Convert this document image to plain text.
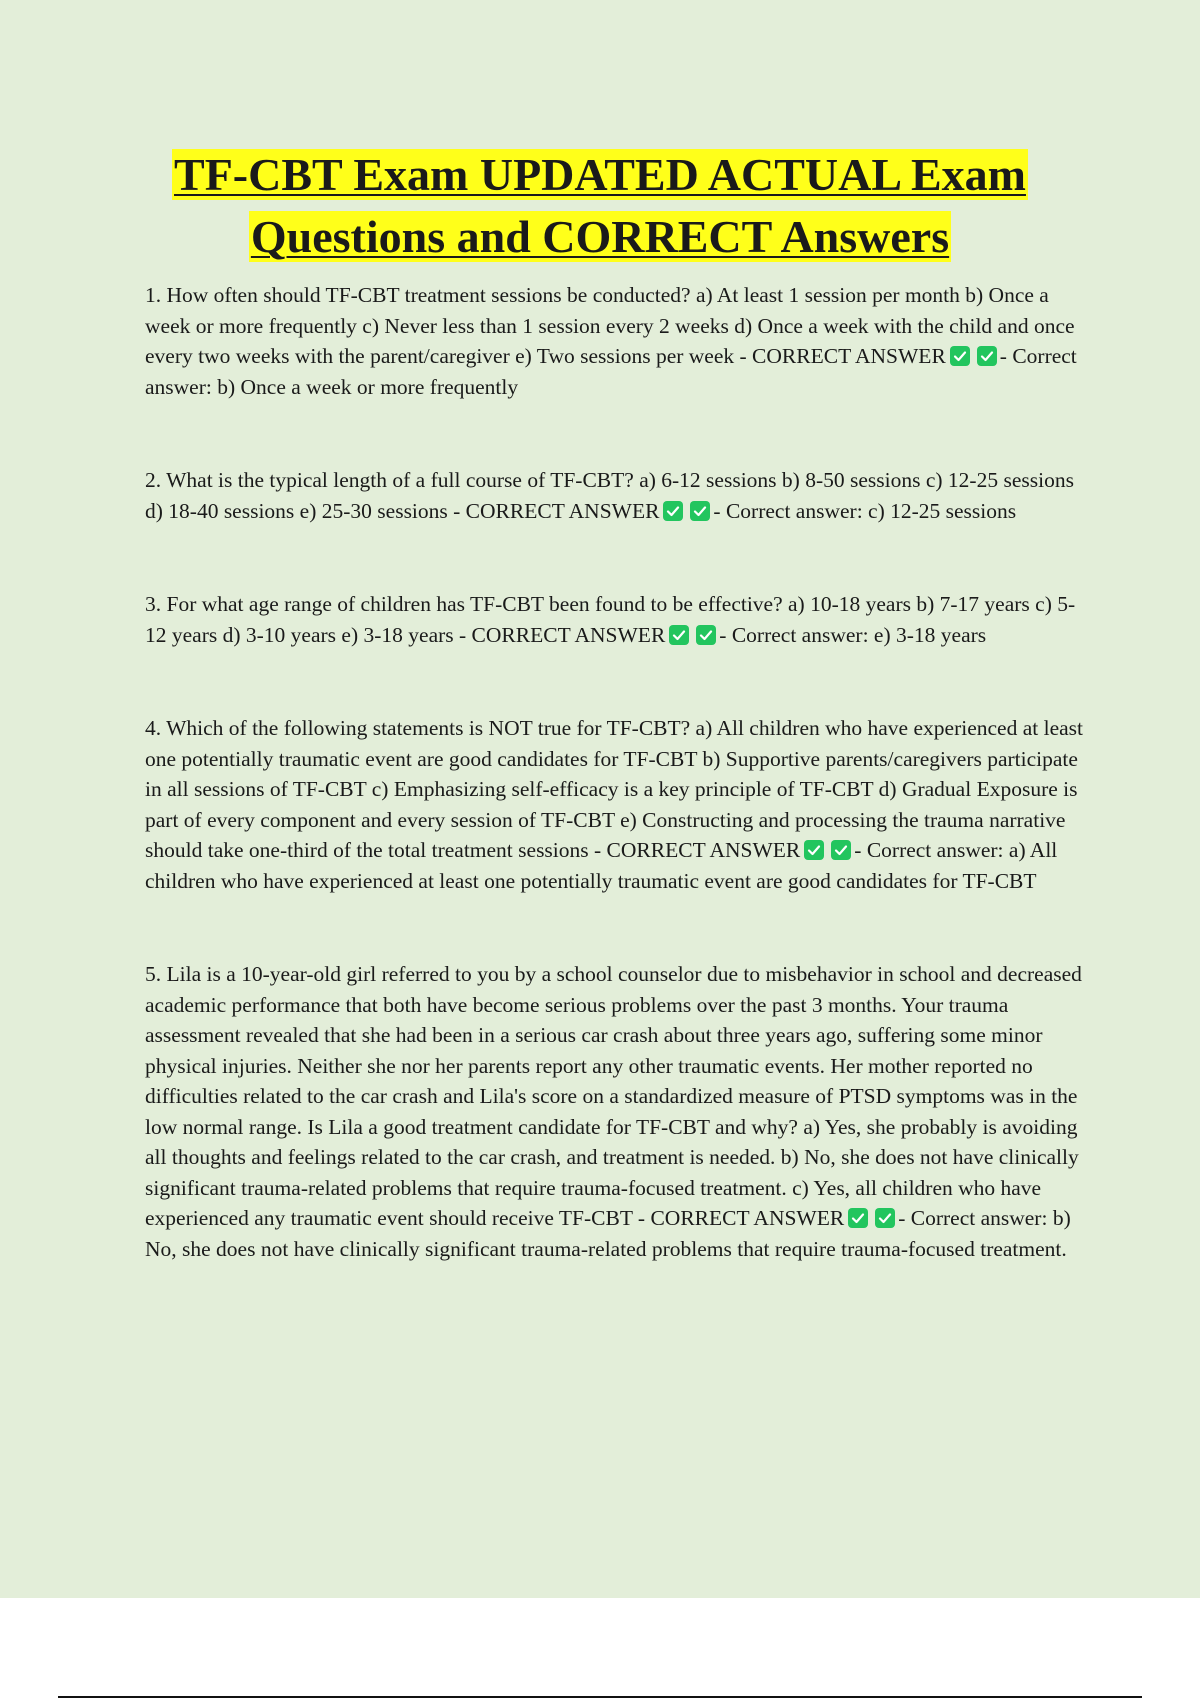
TF-CBT Exam UPDATED ACTUAL Exam
Questions and CORRECT Answers

1. How often should TF-CBT treatment sessions be conducted? a) At least 1 session per month b) Once a week or more frequently c) Never less than 1 session every 2 weeks d) Once a week with the child and once every two weeks with the parent/caregiver e) Two sessions per week - CORRECT ANSWER	- Correct answer: b) Once a week or more frequently

2. What is the typical length of a full course of TF-CBT? a) 6-12 sessions b) 8-50 sessions c) 12-25 sessions d) 18-40 sessions e) 25-30 sessions - CORRECT ANSWER	- Correct answer: c) 12-25 sessions

3. For what age range of children has TF-CBT been found to be effective? a) 10-18 years b) 7-17 years c) 5-12 years d) 3-10 years e) 3-18 years - CORRECT ANSWER	- Correct answer: e) 3-18 years

4. Which of the following statements is NOT true for TF-CBT? a) All children who have experienced at least one potentially traumatic event are good candidates for TF-CBT b) Supportive parents/caregivers participate in all sessions of TF-CBT c) Emphasizing self-efficacy is a key principle of TF-CBT d) Gradual Exposure is part of every component and every session of TF-CBT e) Constructing and processing the trauma narrative should take one-third of the total treatment sessions - CORRECT ANSWER	- Correct answer: a) All children who have experienced at least one potentially traumatic event are good candidates for TF-CBT

5. Lila is a 10-year-old girl referred to you by a school counselor due to misbehavior in school and decreased academic performance that both have become serious problems over the past 3 months. Your trauma assessment revealed that she had been in a serious car crash about three years ago, suffering some minor physical injuries. Neither she nor her parents report any other traumatic events. Her mother reported no difficulties related to the car crash and Lila's score on a standardized measure of PTSD symptoms was in the low normal range. Is Lila a good treatment candidate for TF-CBT and why? a) Yes, she probably is avoiding all thoughts and feelings related to the car crash, and treatment is needed. b) No, she does not have clinically significant trauma-related problems that require trauma-focused treatment. c) Yes, all children who have experienced any traumatic event should receive TF-CBT - CORRECT ANSWER	- Correct answer: b) No, she does not have clinically significant trauma-related problems that require trauma-focused treatment.
